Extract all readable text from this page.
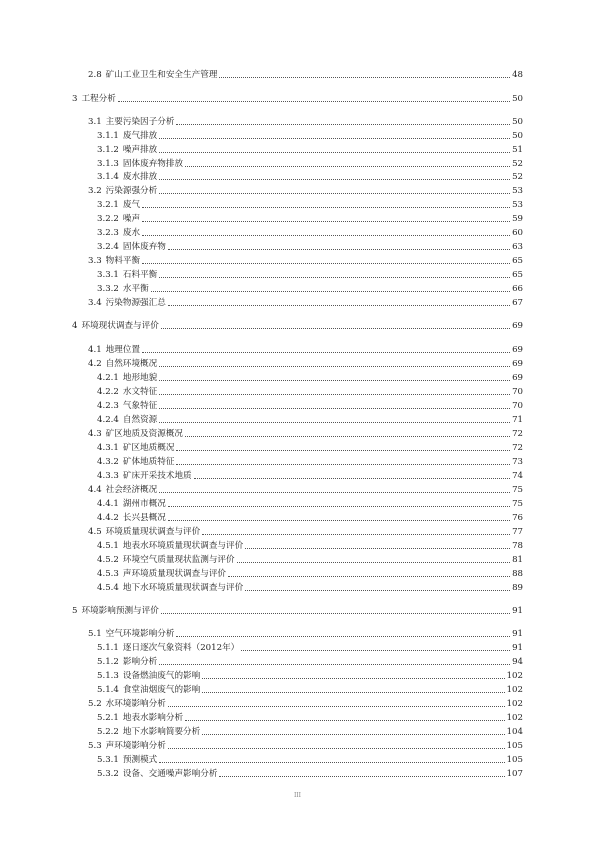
2.8 矿山工业卫生和安全生产管理	48
3 工程分析	50
3.1 主要污染因子分析	50
3.1.1 废气排放	50
3.1.2 噪声排放	51
3.1.3 固体废弃物排放	52
3.1.4 废水排放	52
3.2 污染源强分析	53
3.2.1 废气	53
3.2.2 噪声	59
3.2.3 废水	60
3.2.4 固体废弃物	63
3.3 物料平衡	65
3.3.1 石料平衡	65
3.3.2 水平衡	66
3.4 污染物源强汇总	67
4 环境现状调查与评价	69
4.1 地理位置	69
4.2 自然环境概况	69
4.2.1 地形地貌	69
4.2.2 水文特征	70
4.2.3 气象特征	70
4.2.4 自然资源	71
4.3 矿区地质及资源概况	72
4.3.1 矿区地质概况	72
4.3.2 矿体地质特征	73
4.3.3 矿床开采技术地质	74
4.4 社会经济概况	75
4.4.1 湖州市概况	75
4.4.2 长兴县概况	76
4.5 环境质量现状调查与评价	77
4.5.1 地表水环境质量现状调查与评价	78
4.5.2 环境空气质量现状监测与评价	81
4.5.3 声环境质量现状调查与评价	88
4.5.4 地下水环境质量现状调查与评价	89
5 环境影响预测与评价	91
5.1 空气环境影响分析	91
5.1.1 逐日逐次气象资料（2012年）	91
5.1.2 影响分析	94
5.1.3 设备燃油废气的影响	102
5.1.4 食堂油烟废气的影响	102
5.2 水环境影响分析	102
5.2.1 地表水影响分析	102
5.2.2 地下水影响简要分析	104
5.3 声环境影响分析	105
5.3.1 预测模式	105
5.3.2 设备、交通噪声影响分析	107
III
